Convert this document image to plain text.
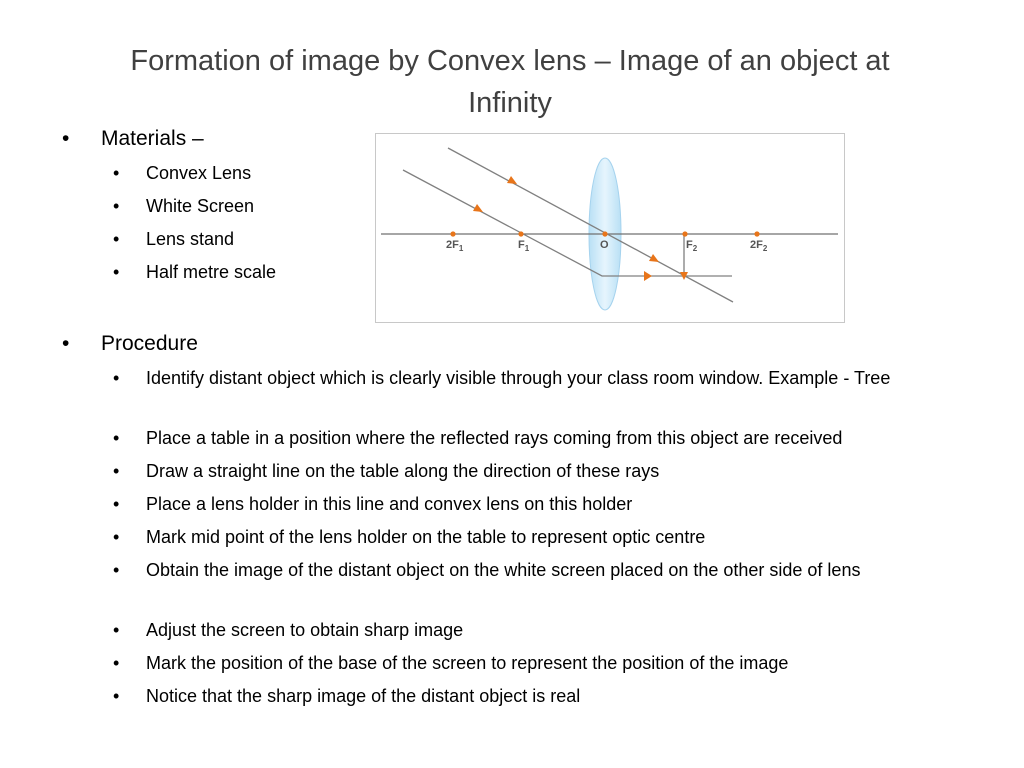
Formation of image by Convex lens – Image of an object at Infinity
• Materials –
• Convex Lens
• White Screen
• Lens stand
• Half metre scale
$2F_1$	$F_1$	O	$F_2$	$2F_2$
• Procedure
• Identify distant object which is clearly visible through your class room window. Example - Tree
• Place a table in a position where the reflected rays coming from this object are received
• Draw a straight line on the table along the direction of these rays
• Place a lens holder in this line and convex lens on this holder
• Mark mid point of the lens holder on the table to represent optic centre
• Obtain the image of the distant object on the white screen placed on the other side of lens
• Adjust the screen to obtain sharp image
• Mark the position of the base of the screen to represent the position of the image
• Notice that the sharp image of the distant object is real
